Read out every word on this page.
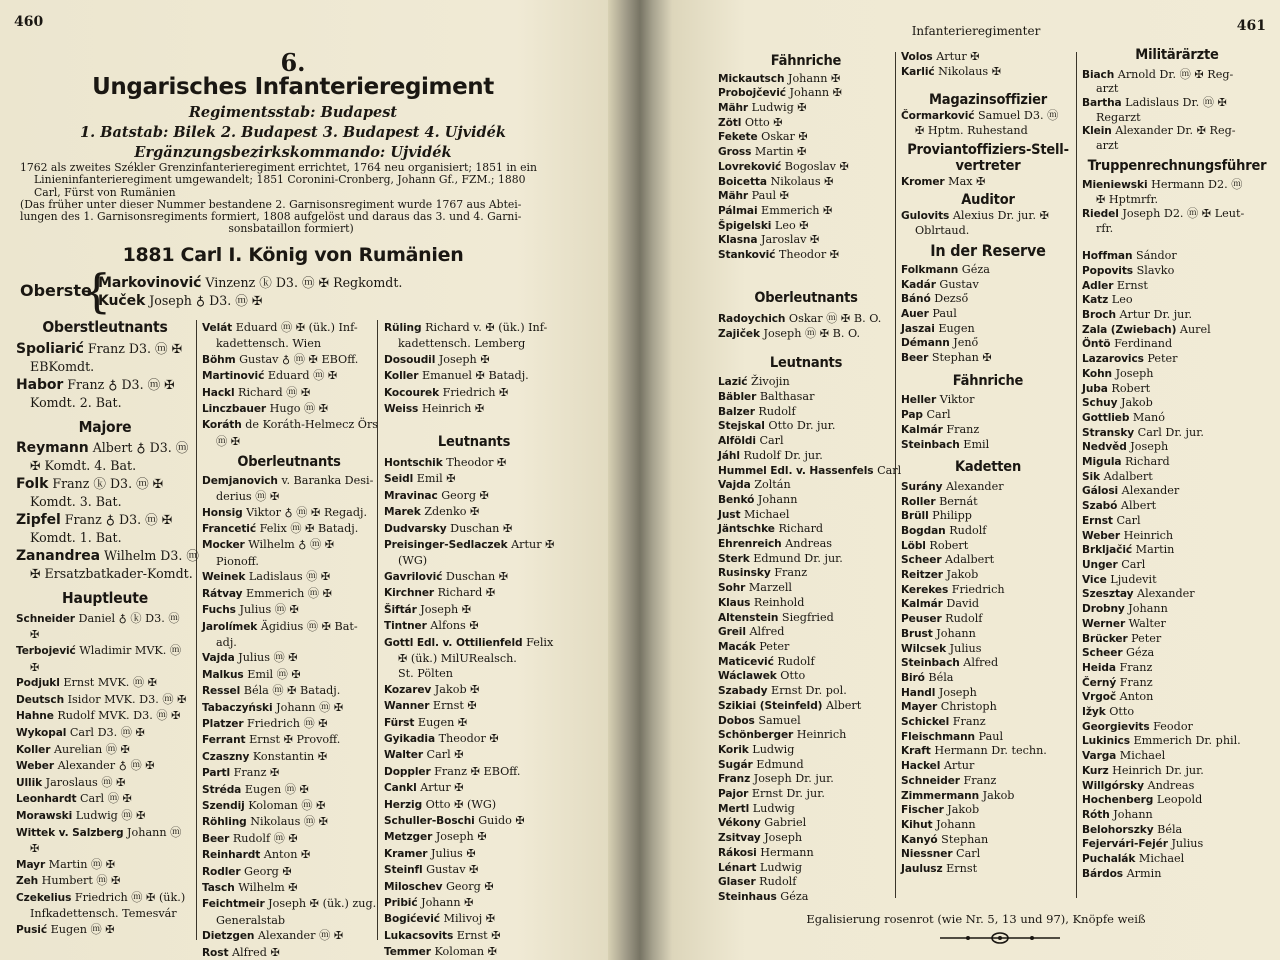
460
6.
Ungarisches Infanterieregiment
Regimentsstab: Budapest
1. Batstab: Bilek 2. Budapest 3. Budapest 4. Ujvidék
Ergänzungsbezirkskommando: Ujvidék
1762 als zweites Székler Grenzinfanterieregiment errichtet, 1764 neu organisiert; 1851 in ein
Linieninfanterieregiment umgewandelt; 1851 Coronini-Cronberg, Johann Gf., FZM.; 1880
Carl, Fürst von Rumänien
(Das früher unter dieser Nummer bestandene 2. Garnisonsregiment wurde 1767 aus Abtei-
lungen des 1. Garnisonsregiments formiert, 1808 aufgelöst und daraus das 3. und 4. Garni-
sonsbataillon formiert)
1881 Carl I. König von Rumänien
Oberste
{
Markovinović Vinzenz ⓚ D3. ⓜ ✠ Regkomdt.
Kuček Joseph ♁ D3. ⓜ ✠
Oberstleutnants
Spoliarić Franz D3. ⓜ ✠
EBKomdt.
Habor Franz ♁ D3. ⓜ ✠
Komdt. 2. Bat.
Majore
Reymann Albert ♁ D3. ⓜ
✠ Komdt. 4. Bat.
Folk Franz ⓚ D3. ⓜ ✠
Komdt. 3. Bat.
Zipfel Franz ♁ D3. ⓜ ✠
Komdt. 1. Bat.
Zanandrea Wilhelm D3. ⓜ
✠ Ersatzbatkader-Komdt.
Hauptleute
Schneider Daniel ♁ ⓚ D3. ⓜ
✠
Terbojević Wladimir MVK. ⓜ
✠
Podjukl Ernst MVK. ⓜ ✠
Deutsch Isidor MVK. D3. ⓜ ✠
Hahne Rudolf MVK. D3. ⓜ ✠
Wykopal Carl D3. ⓜ ✠
Koller Aurelian ⓜ ✠
Weber Alexander ♁ ⓜ ✠
Ullik Jaroslaus ⓜ ✠
Leonhardt Carl ⓜ ✠
Morawski Ludwig ⓜ ✠
Wittek v. Salzberg Johann ⓜ
✠
Mayr Martin ⓜ ✠
Zeh Humbert ⓜ ✠
Czekelius Friedrich ⓜ ✠ (ük.)
Infkadettensch. Temesvár
Pusić Eugen ⓜ ✠
Velát Eduard ⓜ ✠ (ük.) Inf-
kadettensch. Wien
Böhm Gustav ♁ ⓜ ✠ EBOff.
Martinović Eduard ⓜ ✠
Hackl Richard ⓜ ✠
Linczbauer Hugo ⓜ ✠
Koráth de Koráth-Helmecz Örs
ⓜ ✠
Oberleutnants
Demjanovich v. Baranka Desi-
derius ⓜ ✠
Honsig Viktor ♁ ⓜ ✠ Regadj.
Francetić Felix ⓜ ✠ Batadj.
Mocker Wilhelm ♁ ⓜ ✠
Pionoff.
Weinek Ladislaus ⓜ ✠
Rátvay Emmerich ⓜ ✠
Fuchs Julius ⓜ ✠
Jarolímek Ägidius ⓜ ✠ Bat-
adj.
Vajda Julius ⓜ ✠
Malkus Emil ⓜ ✠
Ressel Béla ⓜ ✠ Batadj.
Tabaczyński Johann ⓜ ✠
Platzer Friedrich ⓜ ✠
Ferrant Ernst ✠ Provoff.
Czaszny Konstantin ✠
Partl Franz ✠
Stréda Eugen ⓜ ✠
Szendij Koloman ⓜ ✠
Röhling Nikolaus ⓜ ✠
Beer Rudolf ⓜ ✠
Reinhardt Anton ✠
Rodler Georg ✠
Tasch Wilhelm ✠
Feichtmeir Joseph ✠ (ük.) zug.
Generalstab
Dietzgen Alexander ⓜ ✠
Rost Alfred ✠
Rüling Richard v. ✠ (ük.) Inf-
kadettensch. Lemberg
Dosoudil Joseph ✠
Koller Emanuel ✠ Batadj.
Kocourek Friedrich ✠
Weiss Heinrich ✠
Leutnants
Hontschik Theodor ✠
Seidl Emil ✠
Mravinac Georg ✠
Marek Zdenko ✠
Dudvarsky Duschan ✠
Preisinger-Sedlaczek Artur ✠
(WG)
Gavrilović Duschan ✠
Kirchner Richard ✠
Šiftár Joseph ✠
Tintner Alfons ✠
Gottl Edl. v. Ottilienfeld Felix
✠ (ük.) MilURealsch.
St. Pölten
Kozarev Jakob ✠
Wanner Ernst ✠
Fürst Eugen ✠
Gyikadia Theodor ✠
Walter Carl ✠
Doppler Franz ✠ EBOff.
Cankl Artur ✠
Herzig Otto ✠ (WG)
Schuller-Boschi Guido ✠
Metzger Joseph ✠
Kramer Julius ✠
Steinfl Gustav ✠
Miloschev Georg ✠
Pribić Johann ✠
Bogićević Milivoj ✠
Lukacsovits Ernst ✠
Temmer Koloman ✠
Infanterieregimenter	461
Fähnriche
Mickautsch Johann ✠
Probojčević Johann ✠
Mähr Ludwig ✠
Zötl Otto ✠
Fekete Oskar ✠
Gross Martin ✠
Lovreković Bogoslav ✠
Boicetta Nikolaus ✠
Mähr Paul ✠
Pálmai Emmerich ✠
Špigelski Leo ✠
Klasna Jaroslav ✠
Stanković Theodor ✠
Oberleutnants
Radoychich Oskar ⓜ ✠ B. O.
Zajiček Joseph ⓜ ✠ B. O.
Leutnants
Lazić Živojin
Bäbler Balthasar
Balzer Rudolf
Stejskal Otto Dr. jur.
Alföldi Carl
Jáhl Rudolf Dr. jur.
Hummel Edl. v. Hassenfels Carl
Vajda Zoltán
Benkó Johann
Just Michael
Jäntschke Richard
Ehrenreich Andreas
Sterk Edmund Dr. jur.
Rusinsky Franz
Sohr Marzell
Klaus Reinhold
Altenstein Siegfried
Greil Alfred
Macák Peter
Maticević Rudolf
Wáclawek Otto
Szabady Ernst Dr. pol.
Szikiai (Steinfeld) Albert
Dobos Samuel
Schönberger Heinrich
Korik Ludwig
Sugár Edmund
Franz Joseph Dr. jur.
Pajor Ernst Dr. jur.
Mertl Ludwig
Vékony Gabriel
Zsitvay Joseph
Rákosi Hermann
Lénart Ludwig
Glaser Rudolf
Steinhaus Géza
Volos Artur ✠
Karlić Nikolaus ✠
Magazinsoffizier
Čormarković Samuel D3. ⓜ
✠ Hptm. Ruhestand
Proviantoffiziers-Stell-
vertreter
Kromer Max ✠
Auditor
Gulovits Alexius Dr. jur. ✠
Oblrtaud.
In der Reserve
Folkmann Géza
Kadár Gustav
Bánó Dezső
Auer Paul
Jaszai Eugen
Démann Jenő
Beer Stephan ✠
Fähnriche
Heller Viktor
Pap Carl
Kalmár Franz
Steinbach Emil
Kadetten
Surány Alexander
Roller Bernát
Brüll Philipp
Bogdan Rudolf
Löbl Robert
Scheer Adalbert
Reitzer Jakob
Kerekes Friedrich
Kalmár David
Peuser Rudolf
Brust Johann
Wilcsek Julius
Steinbach Alfred
Biró Béla
Handl Joseph
Mayer Christoph
Schickel Franz
Fleischmann Paul
Kraft Hermann Dr. techn.
Hackel Artur
Schneider Franz
Zimmermann Jakob
Fischer Jakob
Kihut Johann
Kanyó Stephan
Niessner Carl
Jaulusz Ernst
Militärärzte
Biach Arnold Dr. ⓜ ✠ Reg-
arzt
Bartha Ladislaus Dr. ⓜ ✠
Regarzt
Klein Alexander Dr. ✠ Reg-
arzt
Truppenrechnungsführer
Mieniewski Hermann D2. ⓜ
✠ Hptmrfr.
Riedel Joseph D2. ⓜ ✠ Leut-
rfr.
Hoffman Sándor
Popovits Slavko
Adler Ernst
Katz Leo
Broch Artur Dr. jur.
Zala (Zwiebach) Aurel
Öntö Ferdinand
Lazarovics Peter
Kohn Joseph
Juba Robert
Schuy Jakob
Gottlieb Manó
Stransky Carl Dr. jur.
Nedvěd Joseph
Migula Richard
Sik Adalbert
Gálosi Alexander
Szabó Albert
Ernst Carl
Weber Heinrich
Brkljačić Martin
Unger Carl
Vice Ljudevit
Szesztay Alexander
Drobny Johann
Werner Walter
Brücker Peter
Scheer Géza
Heida Franz
Černý Franz
Vrgoč Anton
Ižyk Otto
Georgievits Feodor
Lukinics Emmerich Dr. phil.
Varga Michael
Kurz Heinrich Dr. jur.
Willgórsky Andreas
Hochenberg Leopold
Róth Johann
Belohorszky Béla
Fejervári-Fejér Julius
Puchalák Michael
Bárdos Armin
Egalisierung rosenrot (wie Nr. 5, 13 und 97), Knöpfe weiß
